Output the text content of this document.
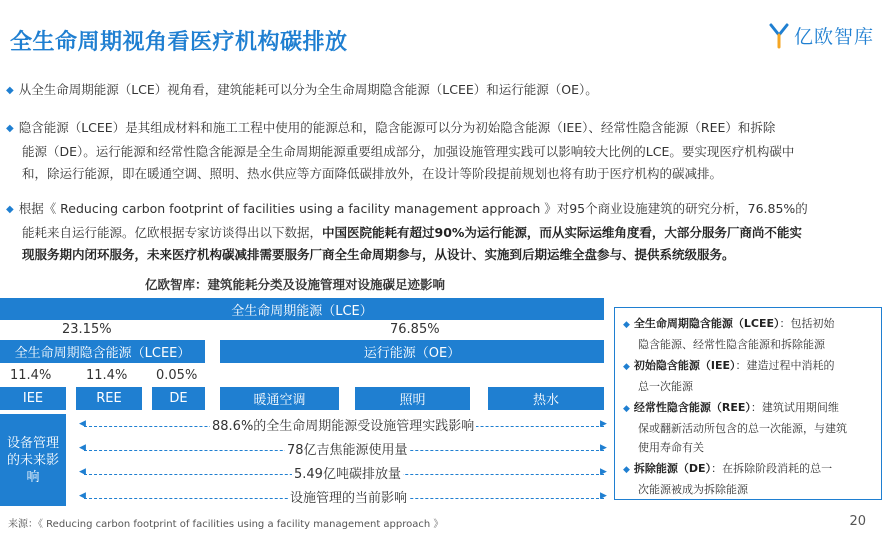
全生命周期视角看医疗机构碳排放	亿欧智库
◆ 从全生命周期能源（LCE）视角看，建筑能耗可以分为全生命周期隐含能源（LCEE）和运行能源（OE）。
◆ 隐含能源（LCEE）是其组成材料和施工工程中使用的能源总和，隐含能源可以分为初始隐含能源（IEE）、经常性隐含能源（REE）和拆除
能源（DE）。运行能源和经常性隐含能源是全生命周期能源重要组成部分，加强设施管理实践可以影响较大比例的LCE。要实现医疗机构碳中
和，除运行能源，即在暖通空调、照明、热水供应等方面降低碳排放外，在设计等阶段提前规划也将有助于医疗机构的碳减排。
◆ 根据《 Reducing carbon footprint of facilities using a facility management approach 》对95个商业设施建筑的研究分析，76.85%的
能耗来自运行能源。亿欧根据专家访谈得出以下数据，中国医院能耗有超过90%为运行能源，而从实际运维角度看，大部分服务厂商尚不能实
现服务期内闭环服务，未来医疗机构碳减排需要服务厂商全生命周期参与，从设计、实施到后期运维全盘参与、提供系统级服务。
亿欧智库：建筑能耗分类及设施管理对设施碳足迹影响
全生命周期能源（LCE）
23.15%	76.85%
全生命周期隐含能源（LCEE）	运行能源（OE）
11.4%	11.4% 0.05%
IEE	REE	DE	暖通空调	照明	热水
设备管理的未来影响
◀	▶
88.6%的全生命周期能源受设施管理实践影响
◀	▶
78亿吉焦能源使用量
◀	▶
5.49亿吨碳排放量
◀	▶
设施管理的当前影响
◆ 全生命周期隐含能源（LCEE）：包括初始
隐含能源、经常性隐含能源和拆除能源
◆ 初始隐含能源（IEE）：建造过程中消耗的
总一次能源
◆ 经常性隐含能源（REE）：建筑试用期间维
保或翻新活动所包含的总一次能源，与建筑
使用寿命有关
◆ 拆除能源（DE）：在拆除阶段消耗的总一
次能源被成为拆除能源
来源：《 Reducing carbon footprint of facilities using a facility management approach 》	20
